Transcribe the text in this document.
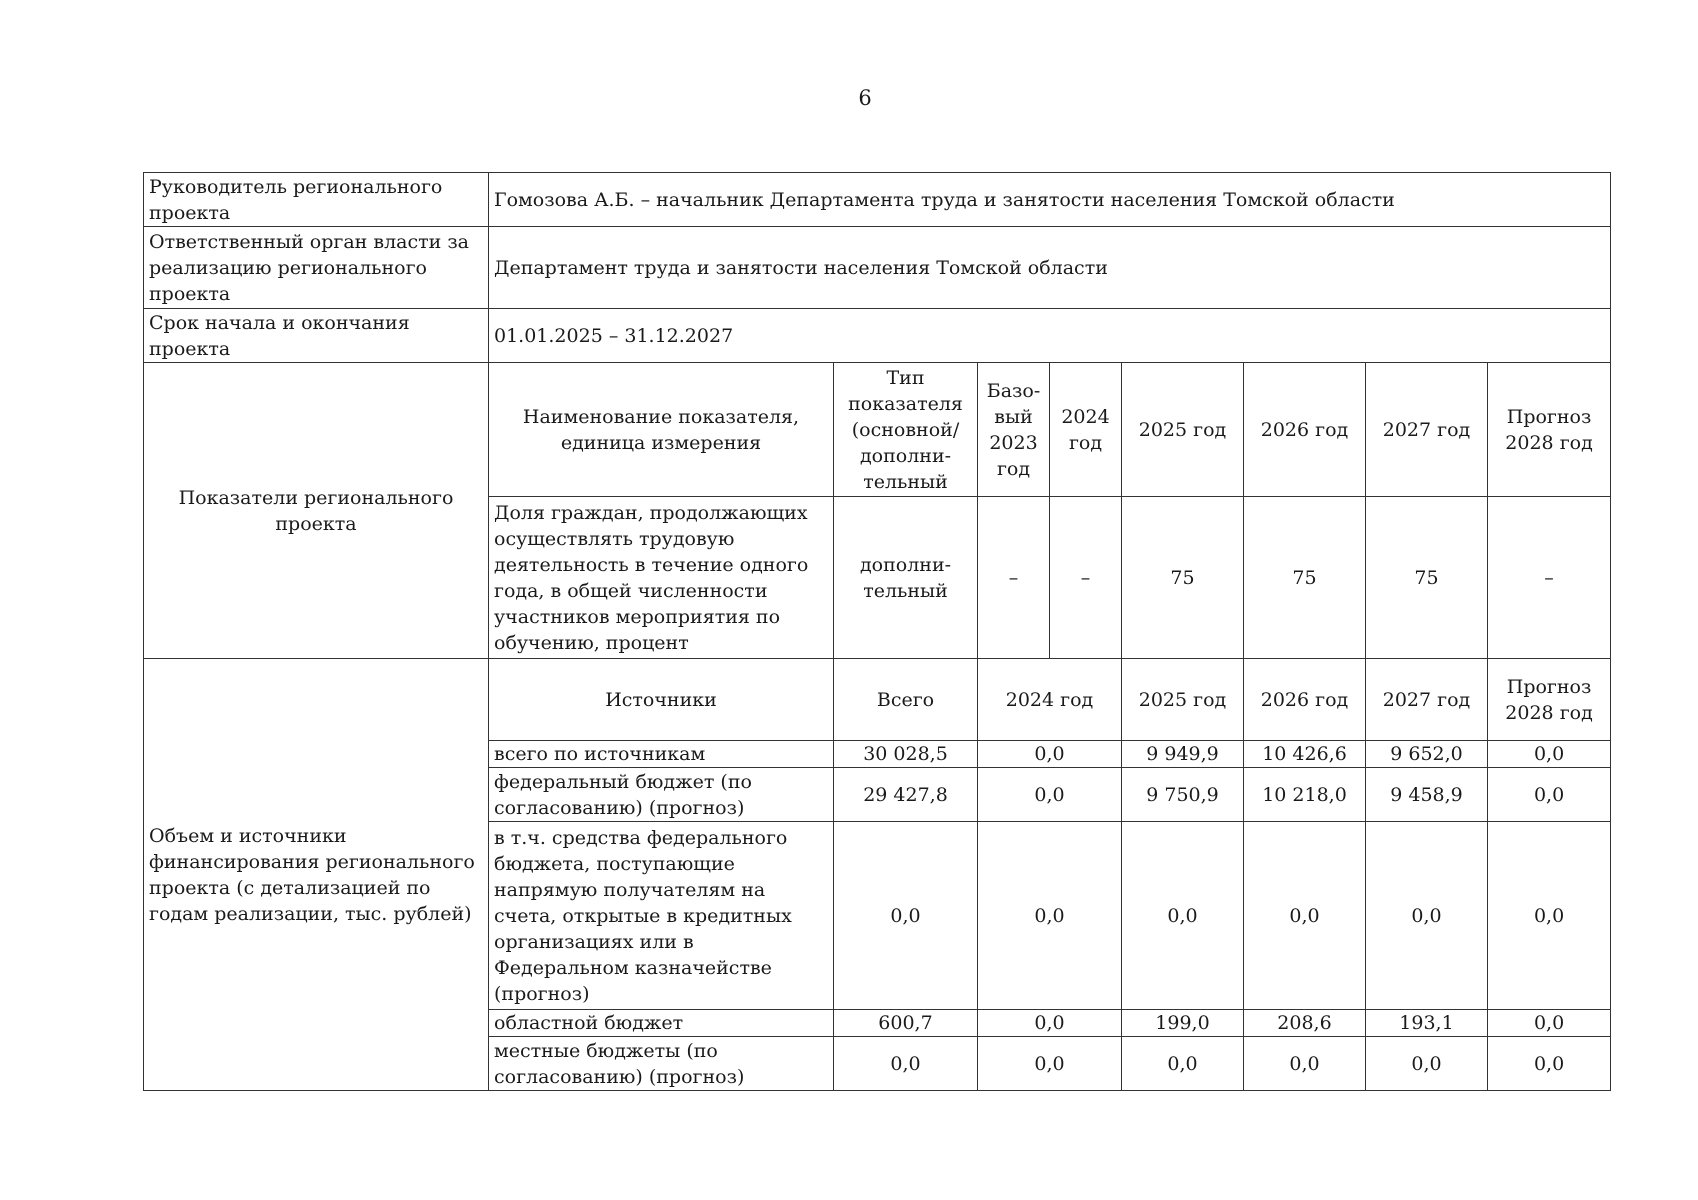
6
Руководитель регионального проекта	Гомозова А.Б. – начальник Департамента труда и занятости населения Томской области							
Ответственный орган власти за реализацию регионального проекта	Департамент труда и занятости населения Томской области							
Срок начала и окончания проекта	01.01.2025 – 31.12.2027							
Показатели регионального проекта	Наименование показателя, единица измерения	Тип показателя (основной/ дополни-тельный	Базо-вый 2023 год	2024 год	2025 год	2026 год	2027 год	Прогноз 2028 год
	Доля граждан, продолжающих осуществлять трудовую деятельность в течение одного года, в общей численности участников мероприятия по обучению, процент	дополни-тельный	–	–	75	75	75	–
Объем и источники финансирования регионального проекта (с детализацией по годам реализации, тыс. рублей)	Источники	Всего	2024 год		2025 год	2026 год	2027 год	Прогноз 2028 год
	всего по источникам	30 028,5	0,0		9 949,9	10 426,6	9 652,0	0,0
	федеральный бюджет (по согласованию) (прогноз)	29 427,8	0,0		9 750,9	10 218,0	9 458,9	0,0
	в т.ч. средства федерального бюджета, поступающие напрямую получателям на счета, открытые в кредитных организациях или в Федеральном казначействе (прогноз)	0,0	0,0		0,0	0,0	0,0	0,0
	областной бюджет	600,7	0,0		199,0	208,6	193,1	0,0
	местные бюджеты (по согласованию) (прогноз)	0,0	0,0		0,0	0,0	0,0	0,0
